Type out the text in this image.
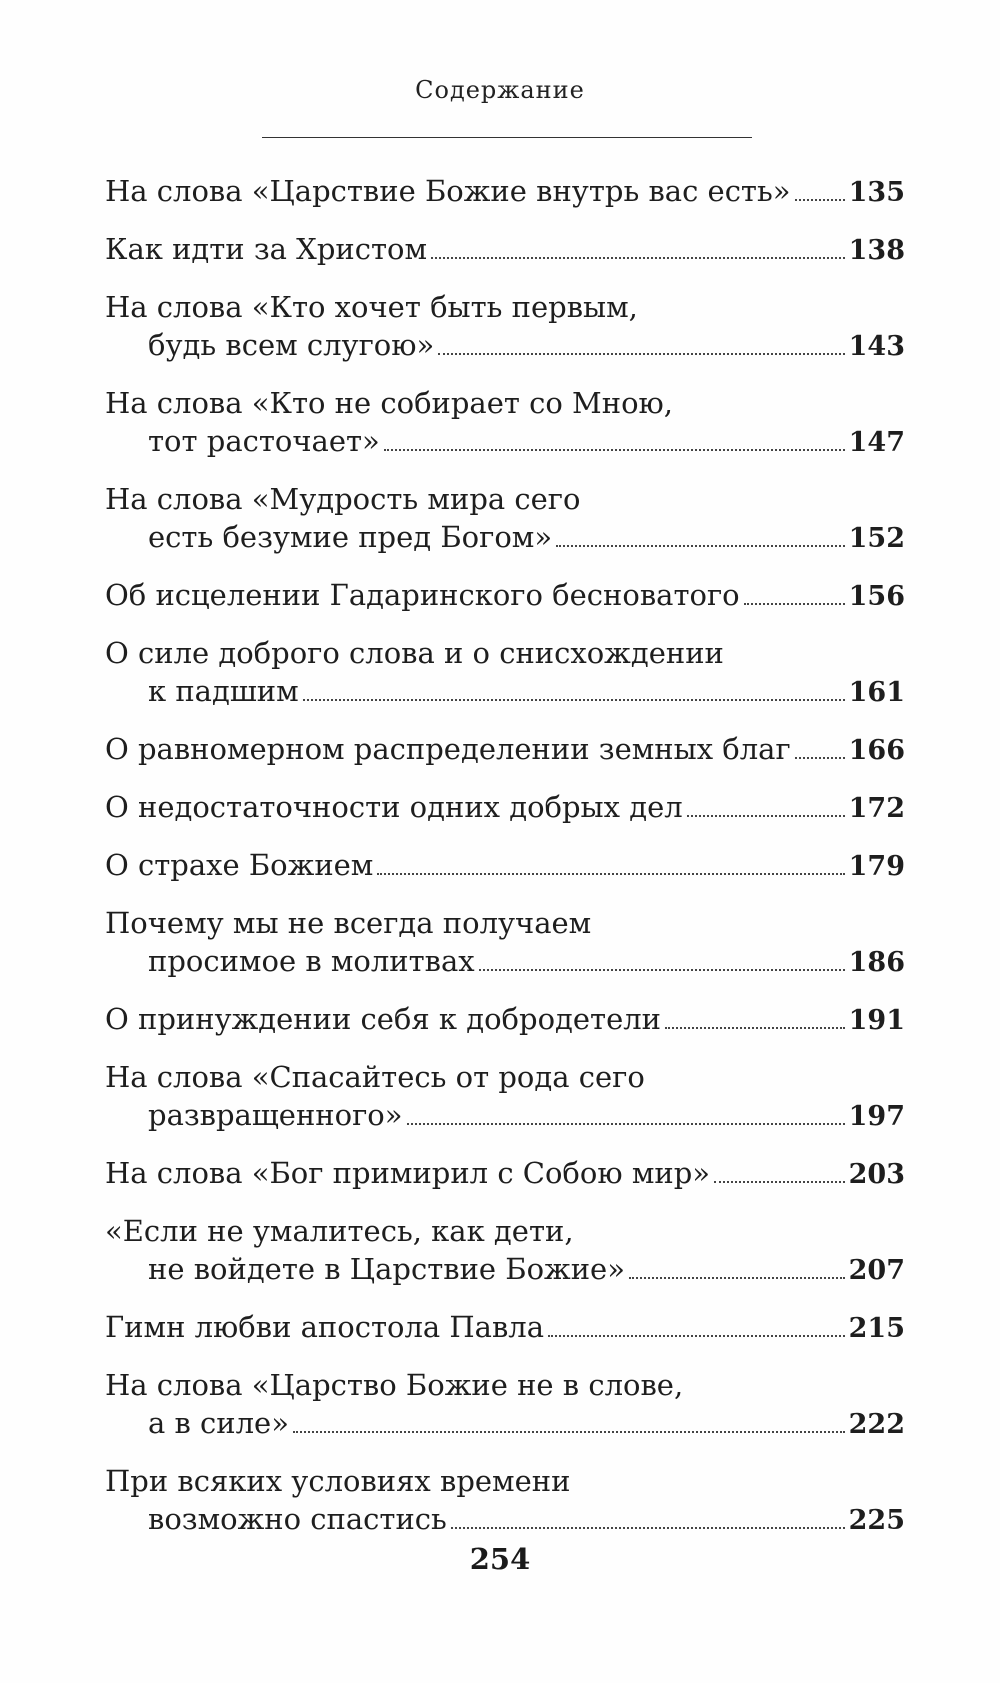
Содержание
На слова «Царствие Божие внутрь вас есть» 135
Как идти за Христом	138
На слова «Кто хочет быть первым,
будь всем слугою»	143
На слова «Кто не собирает со Мною,
тот расточает»	147
На слова «Мудрость мира сего
есть безумие пред Богом»	152
Об исцелении Гадаринского бесноватого	156
О силе доброго слова и о снисхождении
к падшим	161
О равномерном распределении земных благ 166
О недостаточности одних добрых дел	172
О страхе Божием	179
Почему мы не всегда получаем
просимое в молитвах	186
О принуждении себя к добродетели	191
На слова «Спасайтесь от рода сего
развращенного»	197
На слова «Бог примирил с Собою мир»	203
«Если не умалитесь, как дети,
не войдете в Царствие Божие»	207
Гимн любви апостола Павла	215
На слова «Царство Божие не в слове,
а в силе»	222
При всяких условиях времени
возможно спастись	225
254
